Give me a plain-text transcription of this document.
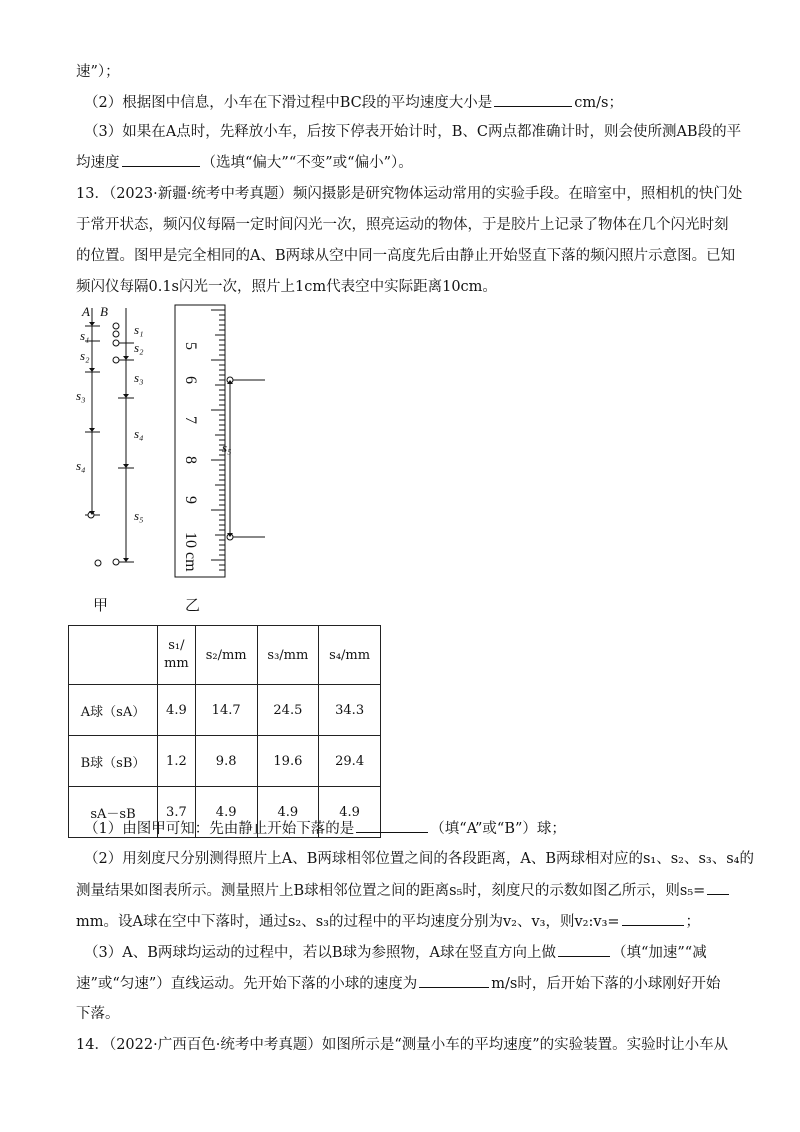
速”）；
（2）根据图中信息，小车在下滑过程中BC段的平均速度大小是	cm/s；
（3）如果在A点时，先释放小车，后按下停表开始计时，B、C两点都准确计时，则会使所测AB段的平
均速度	（选填“偏大”“不变”或“偏小”）。
13．（2023·新疆·统考中考真题）频闪摄影是研究物体运动常用的实验手段。在暗室中，照相机的快门处
于常开状态，频闪仪每隔一定时间闪光一次，照亮运动的物体，于是胶片上记录了物体在几个闪光时刻
的位置。图甲是完全相同的A、B两球从空中同一高度先后由静止开始竖直下落的频闪照片示意图。已知
频闪仪每隔0.1s闪光一次，照片上1cm代表空中实际距离10cm。
A B
s₁
s₂
s₃
s₄
s₁
s₂
s₃
s₄
s₅
s₅
5
6
7
8
9
10 cm
甲	乙
	s₁/
mm	s₂/mm	s₃/mm	s₄/mm
A球（sA）	4.9	14.7	24.5	34.3
B球（sB）	1.2	9.8	19.6	29.4
sA－sB	3.7	4.9	4.9	4.9
（1）由图甲可知：先由静止开始下落的是	（填“A”或“B”）球；
（2）用刻度尺分别测得照片上A、B两球相邻位置之间的各段距离，A、B两球相对应的s₁、s₂、s₃、s₄的
测量结果如图表所示。测量照片上B球相邻位置之间的距离s₅时，刻度尺的示数如图乙所示，则s₅=
mm。设A球在空中下落时，通过s₂、s₃的过程中的平均速度分别为v₂、v₃，则v₂:v₃=	；
（3）A、B两球均运动的过程中，若以B球为参照物，A球在竖直方向上做	（填“加速”“减
速”或“匀速”）直线运动。先开始下落的小球的速度为	m/s时，后开始下落的小球刚好开始
下落。
14．（2022·广西百色·统考中考真题）如图所示是“测量小车的平均速度”的实验装置。实验时让小车从
